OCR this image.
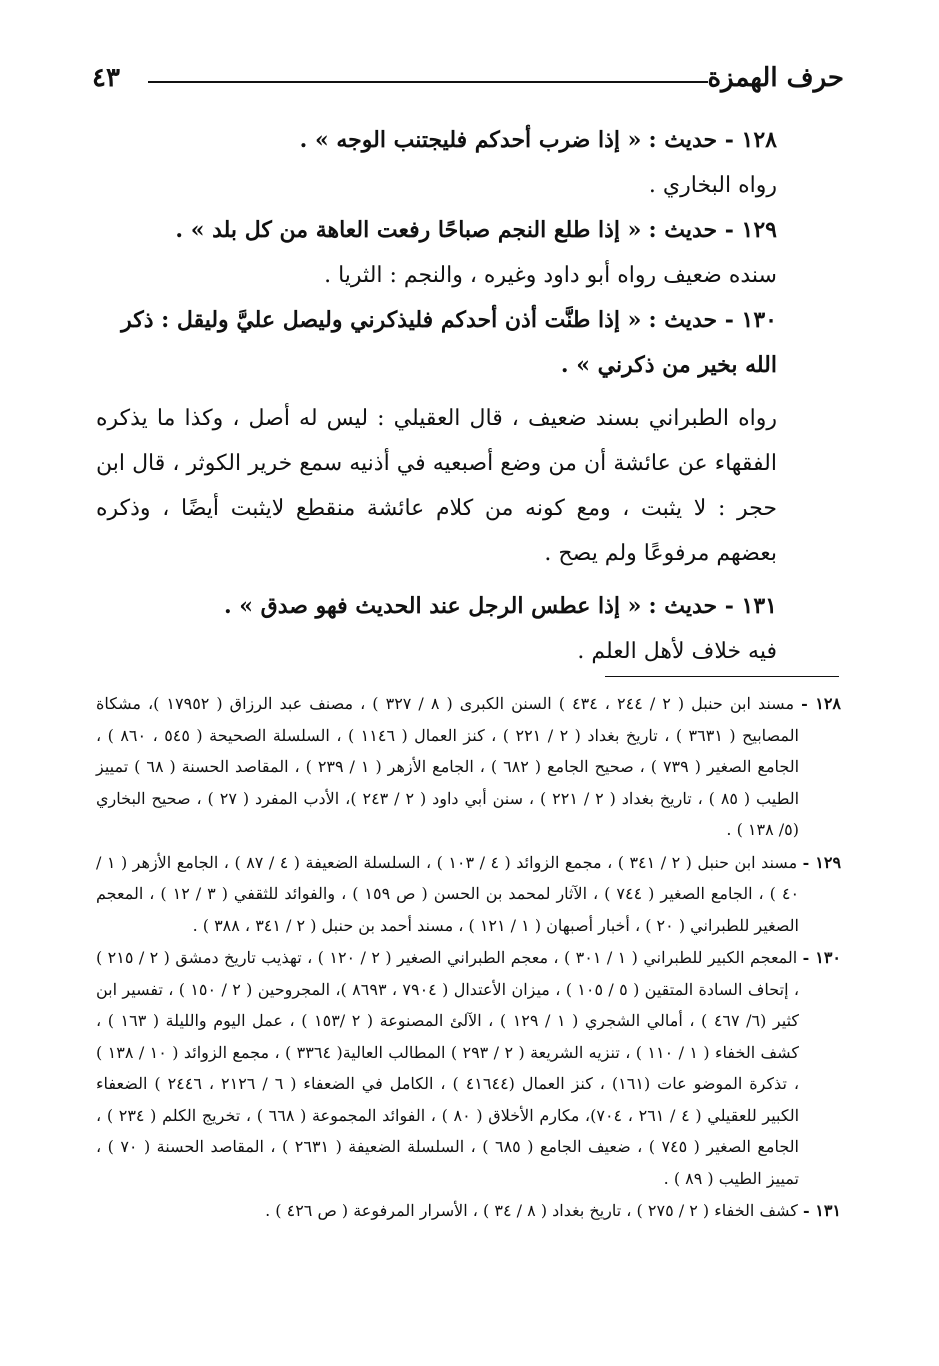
حرف الهمزة
٤٣

١٢٨ - حديث : « إذا ضرب أحدكم فليجتنب الوجه » .

رواه البخاري .

١٢٩ - حديث : « إذا طلع النجم صباحًا رفعت العاهة من كل بلد » .

سنده ضعيف رواه أبو داود وغيره ، والنجم : الثريا .

١٣٠ - حديث : « إذا طنَّت أذن أحدكم فليذكرني وليصل عليَّ وليقل : ذكر الله بخير من ذكرني » .

رواه الطبراني بسند ضعيف ، قال العقيلي : ليس له أصل ، وكذا ما يذكره الفقهاء عن عائشة أن من وضع أصبعيه في أذنيه سمع خرير الكوثر ، قال ابن حجر : لا يثبت ، ومع كونه من كلام عائشة منقطع لايثبت أيضًا ، وذكره بعضهم مرفوعًا ولم يصح .

١٣١ - حديث : « إذا عطس الرجل عند الحديث فهو صدق » .

فيه خلاف لأهل العلم .

١٢٨ - مسند ابن حنبل ( ٢ / ٢٤٤ ، ٤٣٤ ) السنن الكبرى ( ٨ / ٣٢٧ ) ، مصنف عبد الرزاق ( ١٧٩٥٢ )، مشكاة المصابيح ( ٣٦٣١ ) ، تاريخ بغداد ( ٢ / ٢٢١ ) ، كنز العمال ( ١١٤٦ ) ، السلسلة الصحيحة ( ٥٤٥ ، ٨٦٠ ) ، الجامع الصغير ( ٧٣٩ ) ، صحيح الجامع ( ٦٨٢ ) ، الجامع الأزهر ( ١ / ٢٣٩ ) ، المقاصد الحسنة ( ٦٨ ) تمييز الطيب ( ٨٥ ) ، تاريخ بغداد ( ٢ / ٢٢١ ) ، سنن أبي داود ( ٢ / ٢٤٣ )، الأدب المفرد ( ٢٧ ) ، صحيح البخاري (٥/ ١٣٨ ) .

١٢٩ - مسند ابن حنبل ( ٢ / ٣٤١ ) ، مجمع الزوائد ( ٤ / ١٠٣ ) ، السلسلة الضعيفة ( ٤ / ٨٧ ) ، الجامع الأزهر ( ١ / ٤٠ ) ، الجامع الصغير ( ٧٤٤ ) ، الآثار لمحمد بن الحسن ( ص ١٥٩ ) ، والفوائد للثقفي ( ٣ / ١٢ ) ، المعجم الصغير للطبراني ( ٢٠ ) ، أخبار أصبهان ( ١ / ١٢١ ) ، مسند أحمد بن حنبل ( ٢ / ٣٤١ ، ٣٨٨ ) .

١٣٠ - المعجم الكبير للطبراني ( ١ / ٣٠١ ) ، معجم الطبراني الصغير ( ٢ / ١٢٠ ) ، تهذيب تاريخ دمشق ( ٢ / ٢١٥ ) ، إتحاف السادة المتقين ( ٥ / ١٠٥ ) ، ميزان الأعتدال ( ٧٩٠٤ ، ٨٦٩٣ )، المجروحين ( ٢ / ١٥٠ ) ، تفسير ابن كثير (٦/ ٤٦٧ ) ، أمالي الشجري ( ١ / ١٢٩ ) ، الآلئ المصنوعة ( ٢ /١٥٣ ) ، عمل اليوم والليلة ( ١٦٣ ) ، كشف الخفاء ( ١ / ١١٠ ) ، تنزيه الشريعة ( ٢ / ٢٩٣ ) المطالب العالية( ٣٣٦٤ ) ، مجمع الزوائد ( ١٠ / ١٣٨ ) ، تذكرة الموضو عات (١٦١) ، كنز العمال (٤١٦٤٤ ) ، الكامل في الضعفاء ( ٦ / ٢١٢٦ ، ٢٤٤٦ ) الضعفاء الكبير للعقيلي ( ٤ / ٢٦١ ، ٧٠٤)، مكارم الأخلاق ( ٨٠ ) ، الفوائد المجموعة ( ٦٦٨ ) ، تخريج الكلم ( ٢٣٤ ) ، الجامع الصغير ( ٧٤٥ ) ، ضعيف الجامع ( ٦٨٥ ) ، السلسلة الضعيفة ( ٢٦٣١ ) ، المقاصد الحسنة ( ٧٠ ) ، تمييز الطيب ( ٨٩ ) .

١٣١ - كشف الخفاء ( ٢ / ٢٧٥ ) ، تاريخ بغداد ( ٨ / ٣٤ ) ، الأسرار المرفوعة ( ص ٤٢٦ ) .
